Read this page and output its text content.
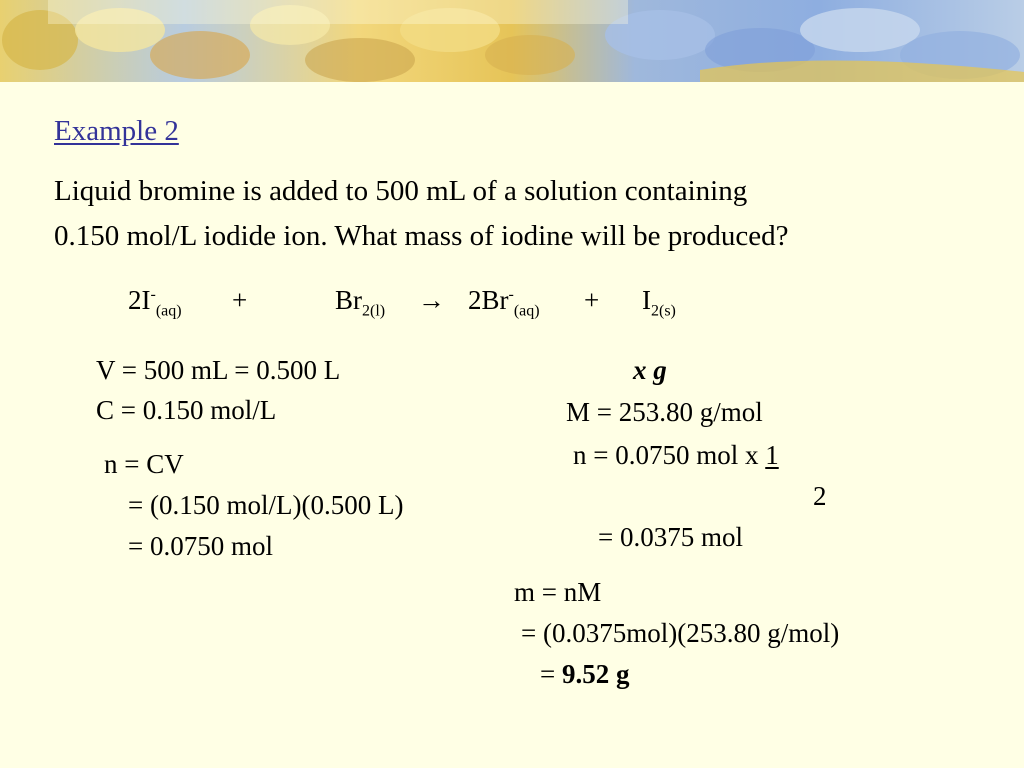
Example 2
Liquid bromine is added to 500 mL of a solution containing
0.150 mol/L iodide ion. What mass of iodine will be produced?
$2I^-_{(aq)}$ +	$Br_{2(l)} \to 2Br^-_{(aq)} + I_{2(s)}$
V = 500 mL = 0.500 L
C = 0.150 mol/L
n = CV
= (0.150 mol/L)(0.500 L)
= 0.0750 mol
x g
M = 253.80 g/mol
n = 0.0750 mol x 1
2
= 0.0375 mol
m = nM
= (0.0375mol)(253.80 g/mol)
= 9.52 g
